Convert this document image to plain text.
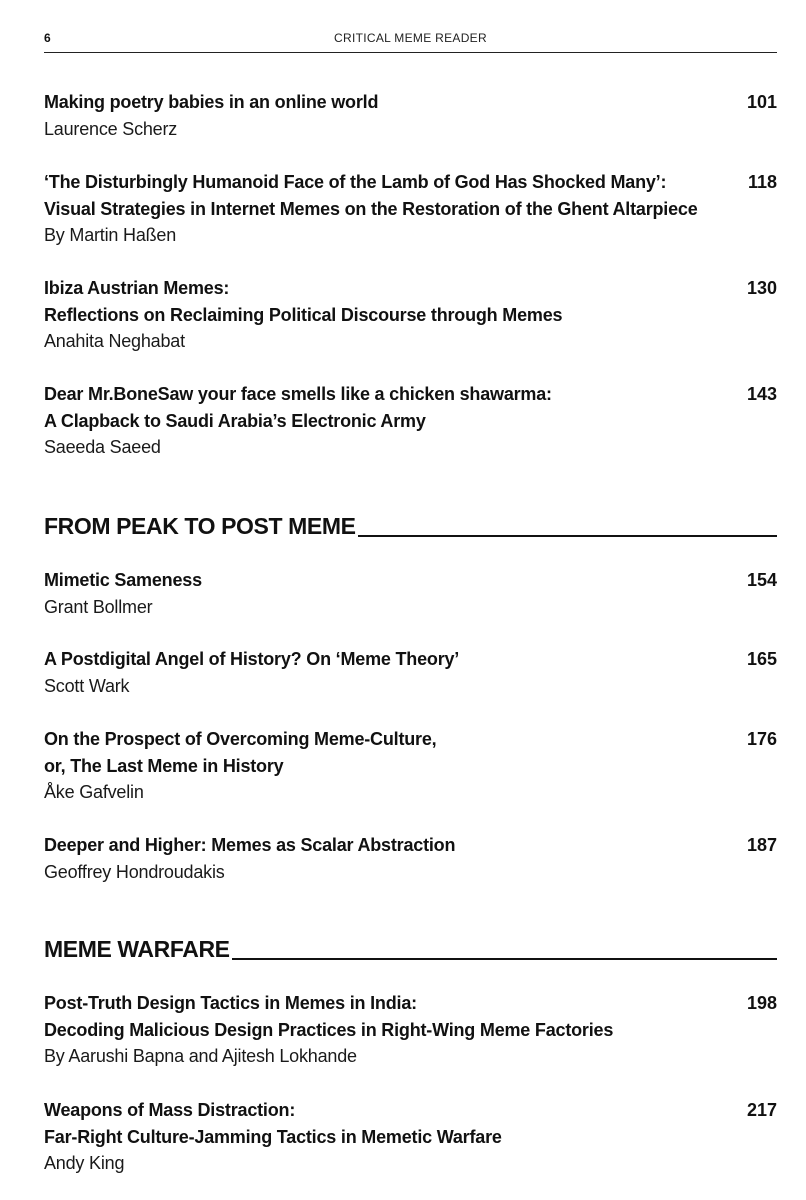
6	CRITICAL MEME READER
Making poetry babies in an online world
Laurence Scherz
101
‘The Disturbingly Humanoid Face of the Lamb of God Has Shocked Many’:
Visual Strategies in Internet Memes on the Restoration of the Ghent Altarpiece
By Martin Haßen
118
Ibiza Austrian Memes:
Reflections on Reclaiming Political Discourse through Memes
Anahita Neghabat
130
Dear Mr.BoneSaw your face smells like a chicken shawarma:
A Clapback to Saudi Arabia’s Electronic Army
Saeeda Saeed
143
FROM PEAK TO POST MEME
Mimetic Sameness
Grant Bollmer
154
A Postdigital Angel of History? On ‘Meme Theory’
Scott Wark
165
On the Prospect of Overcoming Meme-Culture,
or, The Last Meme in History
Åke Gafvelin
176
Deeper and Higher: Memes as Scalar Abstraction
Geoffrey Hondroudakis
187
MEME WARFARE
Post-Truth Design Tactics in Memes in India:
Decoding Malicious Design Practices in Right-Wing Meme Factories
By Aarushi Bapna and Ajitesh Lokhande
198
Weapons of Mass Distraction:
Far-Right Culture-Jamming Tactics in Memetic Warfare
Andy King
217
